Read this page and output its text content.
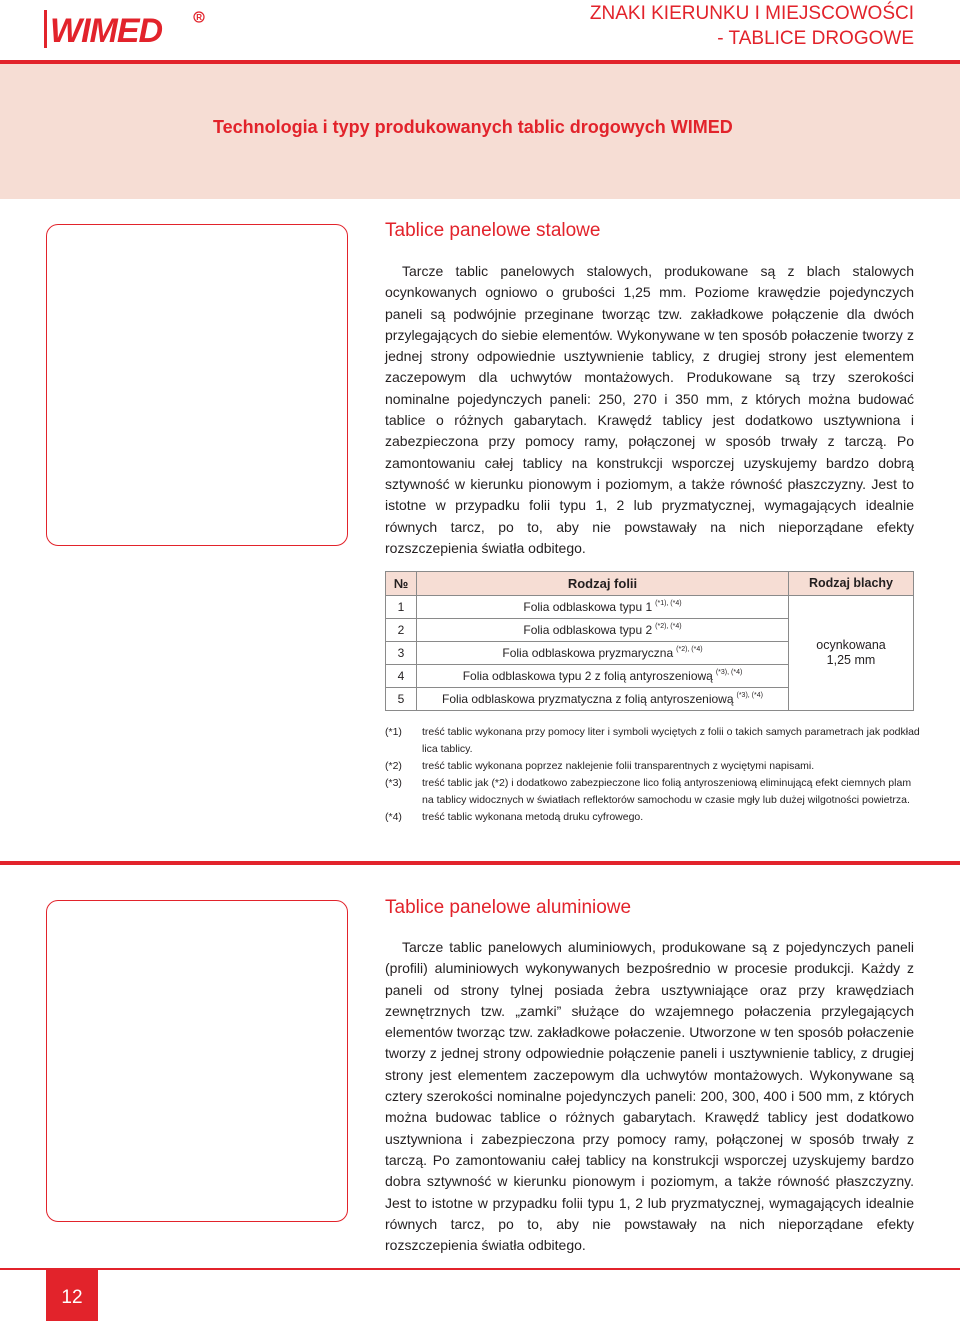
WIMED	R	ZNAKI KIERUNKU I MIEJSCOWOŚCI
- TABLICE DROGOWE
Technologia i typy produkowanych tablic drogowych WIMED
Tablice panelowe stalowe
Tarcze tablic panelowych stalowych, produkowane są z blach stalowych ocynkowanych ogniowo o grubości 1,25 mm. Poziome krawędzie pojedynczych paneli są podwójnie przeginane tworząc tzw. zakładkowe połączenie dla dwóch przylegających do siebie elementów. Wykonywane w ten sposób połaczenie tworzy z jednej strony odpowiednie usztywnienie tablicy, z drugiej strony jest elementem zaczepowym dla uchwytów montażowych. Produkowane są trzy szerokości nominalne pojedynczych paneli: 250, 270 i 350 mm, z których można budować tablice o różnych gabarytach. Krawędź tablicy jest dodatkowo usztywniona i zabezpieczona przy pomocy ramy, połączonej w sposób trwały z tarczą. Po zamontowaniu całej tablicy na konstrukcji wsporczej uzyskujemy bardzo dobrą sztywność w kierunku pionowym i poziomym, a także równość płaszczyzny. Jest to istotne w przypadku folii typu 1, 2 lub pryzmatycznej, wymagających idealnie równych tarcz, po to, aby nie powstawały na nich nieporządane efekty rozszczepienia światła odbitego.
№	Rodzaj folii	Rodzaj blachy
1	Folia odblaskowa typu 1 $^{(*1), (*4)}$	ocynkowana
1,25 mm

2	Folia odblaskowa typu 2 $^{(*2), (*4)}$
3	Folia odblaskowa pryzmaryczna $^{(*2), (*4)}$
4	Folia odblaskowa typu 2 z folią antyroszeniową $^{(*3), (*4)}$
5	Folia odblaskowa pryzmatyczna z folią antyroszeniową $^{(*3), (*4)}$
(*1)	treść tablic wykonana przy pomocy liter i symboli wyciętych z folii o takich samych parametrach jak podkład lica tablicy.
(*2)	treść tablic wykonana poprzez naklejenie folii transparentnych z wyciętymi napisami.
(*3)	treść tablic jak (*2) i dodatkowo zabezpieczone lico folią antyroszeniową eliminującą efekt ciemnych plam na tablicy widocznych w światłach reflektorów samochodu w czasie mgły lub dużej wilgotności powietrza.
(*4)	treść tablic wykonana metodą druku cyfrowego.
Tablice panelowe aluminiowe
Tarcze tablic panelowych aluminiowych, produkowane są z pojedynczych paneli (profili) aluminiowych wykonywanych bezpośrednio w procesie produkcji. Każdy z paneli od strony tylnej posiada żebra usztywniające oraz przy krawędziach zewnętrznych tzw. „zamki” służące do wzajemnego połaczenia przylegających elementów tworząc tzw. zakładkowe połaczenie. Utworzone w ten sposób połaczenie tworzy z jednej strony odpowiednie połączenie paneli i usztywnienie tablicy, z drugiej strony jest elementem zaczepowym dla uchwytów montażowych. Wykonywane są cztery szerokości nominalne pojedynczych paneli: 200, 300, 400 i 500 mm, z których można budowac tablice o różnych gabarytach. Krawędź tablicy jest dodatkowo usztywniona i zabezpieczona przy pomocy ramy, połączonej w sposób trwały z tarczą. Po zamontowaniu całej tablicy na konstrukcji wsporczej uzyskujemy bardzo dobra sztywność w kierunku pionowym i poziomym, a także równość płaszczyzny. Jest to istotne w przypadku folii typu 1, 2 lub pryzmatycznej, wymagających idealnie równych tarcz, po to, aby nie powstawały na nich nieporządane efekty rozszczepienia światła odbitego.
12
